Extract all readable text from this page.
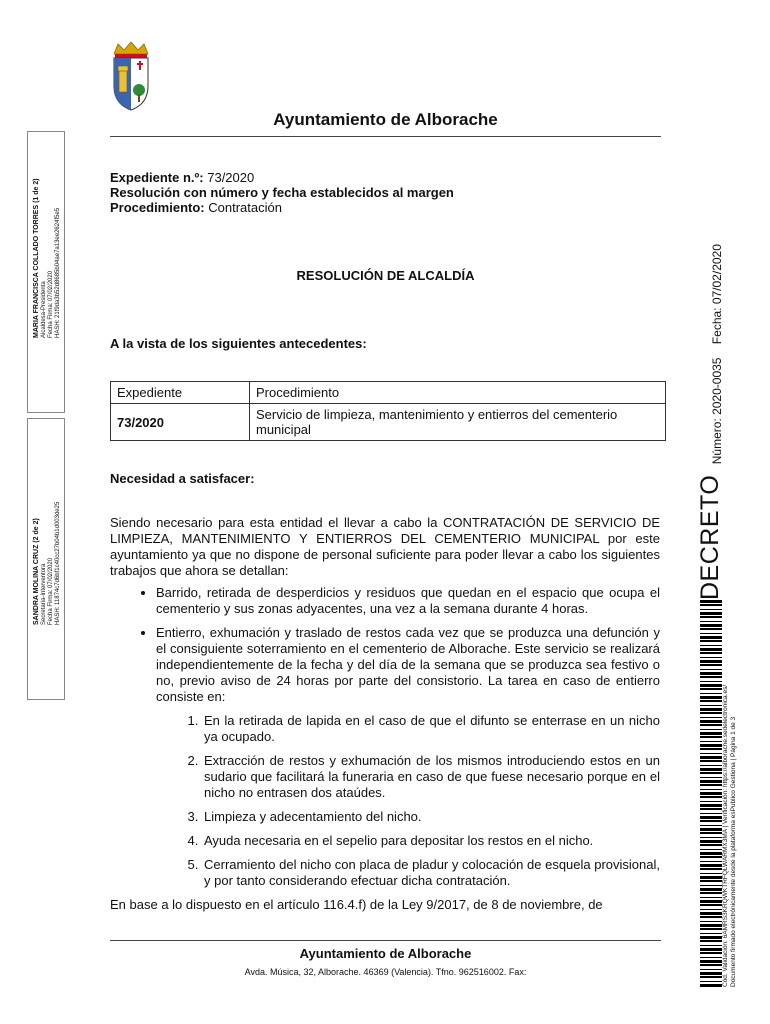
Ayuntamiento de Alborache
Expediente n.º: 73/2020
Resolución con número y fecha establecidos al margen
Procedimiento: Contratación
RESOLUCIÓN DE ALCALDÍA
A la vista de los siguientes antecedentes:
Expediente	Procedimiento
73/2020	Servicio de limpieza, mantenimiento y entierros del cementerio municipal
Necesidad a satisfacer:

Siendo necesario para esta entidad el llevar a cabo la CONTRATACIÓN DE SERVICIO DE LIMPIEZA, MANTENIMIENTO Y ENTIERROS DEL CEMENTERIO MUNICIPAL por este ayuntamiento ya que no dispone de personal suficiente para poder llevar a cabo los siguientes trabajos que ahora se detallan:

• Barrido, retirada de desperdicios y residuos que quedan en el espacio que ocupa el cementerio y sus zonas adyacentes, una vez a la semana durante 4 horas.
• Entierro, exhumación y traslado de restos cada vez que se produzca una defunción y el consiguiente soterramiento en el cementerio de Alborache. Este servicio se realizará independientemente de la fecha y del día de la semana que se produzca sea festivo o no, previo aviso de 24 horas por parte del consistorio. La tarea en caso de entierro consiste en:
1. En la retirada de lapida en el caso de que el difunto se enterrase en un nicho ya ocupado.
2. Extracción de restos y exhumación de los mismos introduciendo estos en un sudario que facilitará la funeraria en caso de que fuese necesario porque en el nicho no entrasen dos ataúdes.
3. Limpieza y adecentamiento del nicho.
4. Ayuda necesaria en el sepelio para depositar los restos en el nicho.
5. Cerramiento del nicho con placa de pladur y colocación de esquela provisional, y por tanto considerando efectuar dicha contratación.

En base a lo dispuesto en el artículo 116.4.f) de la Ley 9/2017, de 8 de noviembre, de

Ayuntamiento de Alborache
Avda. Música, 32, Alborache. 46369 (Valencia). Tfno. 962516002. Fax:
MARIA FRANCISCA COLLADO TORRES (1 de 2) Alcaldesa-Presidenta Fecha Firma: 07/02/2020 HASH: 21f9da3b52d8685b04ae7a13ee2624f5e5
SANDRA MOLINA CRUZ (2 de 2) Secretaria-Interventora Fecha Firma: 07/02/2020 HASH: 11874c7d6bf1c40cc27b04b1d003de25	DECRETO
Número: 2020-0035    Fecha: 07/02/2020
Cód. Validación: 6AMRS3KRQWKTRFQLWARMX3MA | Verificación: https://alborache.sedelectronica.es/ Documento firmado electrónicamente desde la plataforma esPublico Gestiona | Página 1 de 3
